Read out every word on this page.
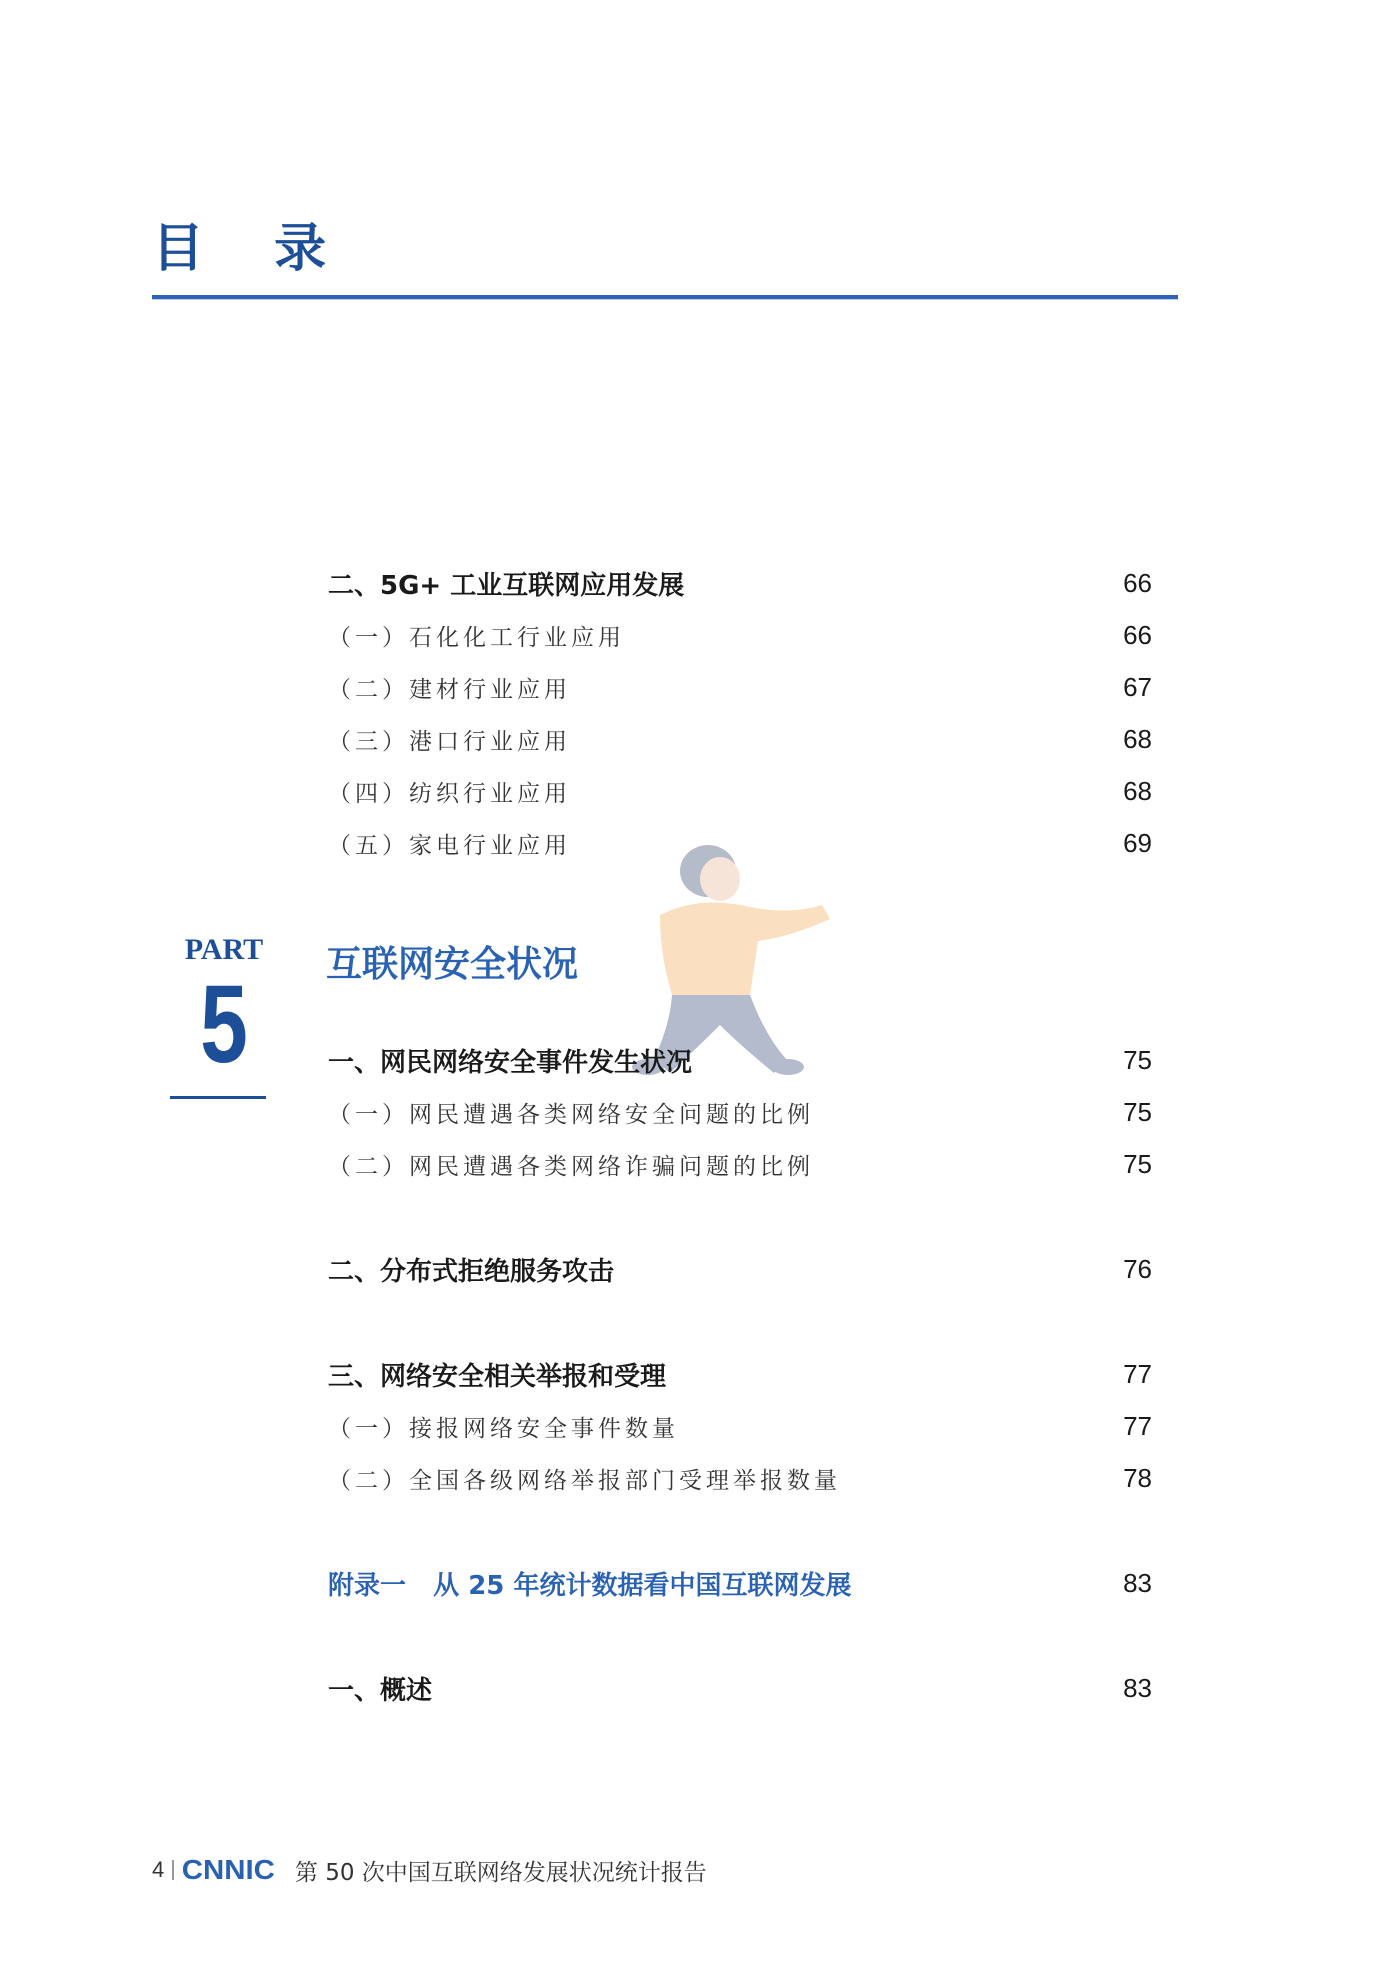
目 录
二、5G+ 工业互联网应用发展	66
（一）石化化工行业应用	66
（二）建材行业应用	67
（三）港口行业应用	68
（四）纺织行业应用	68
（五）家电行业应用	69
PART
5	互联网安全状况
一、网民网络安全事件发生状况	75
（一）网民遭遇各类网络安全问题的比例	75
（二）网民遭遇各类网络诈骗问题的比例	75
二、分布式拒绝服务攻击	76
三、网络安全相关举报和受理	77
（一）接报网络安全事件数量	77
（二）全国各级网络举报部门受理举报数量	78
附录一   从 25 年统计数据看中国互联网发展	83
一、概述	83
4 CNNIC 第 50 次中国互联网络发展状况统计报告
